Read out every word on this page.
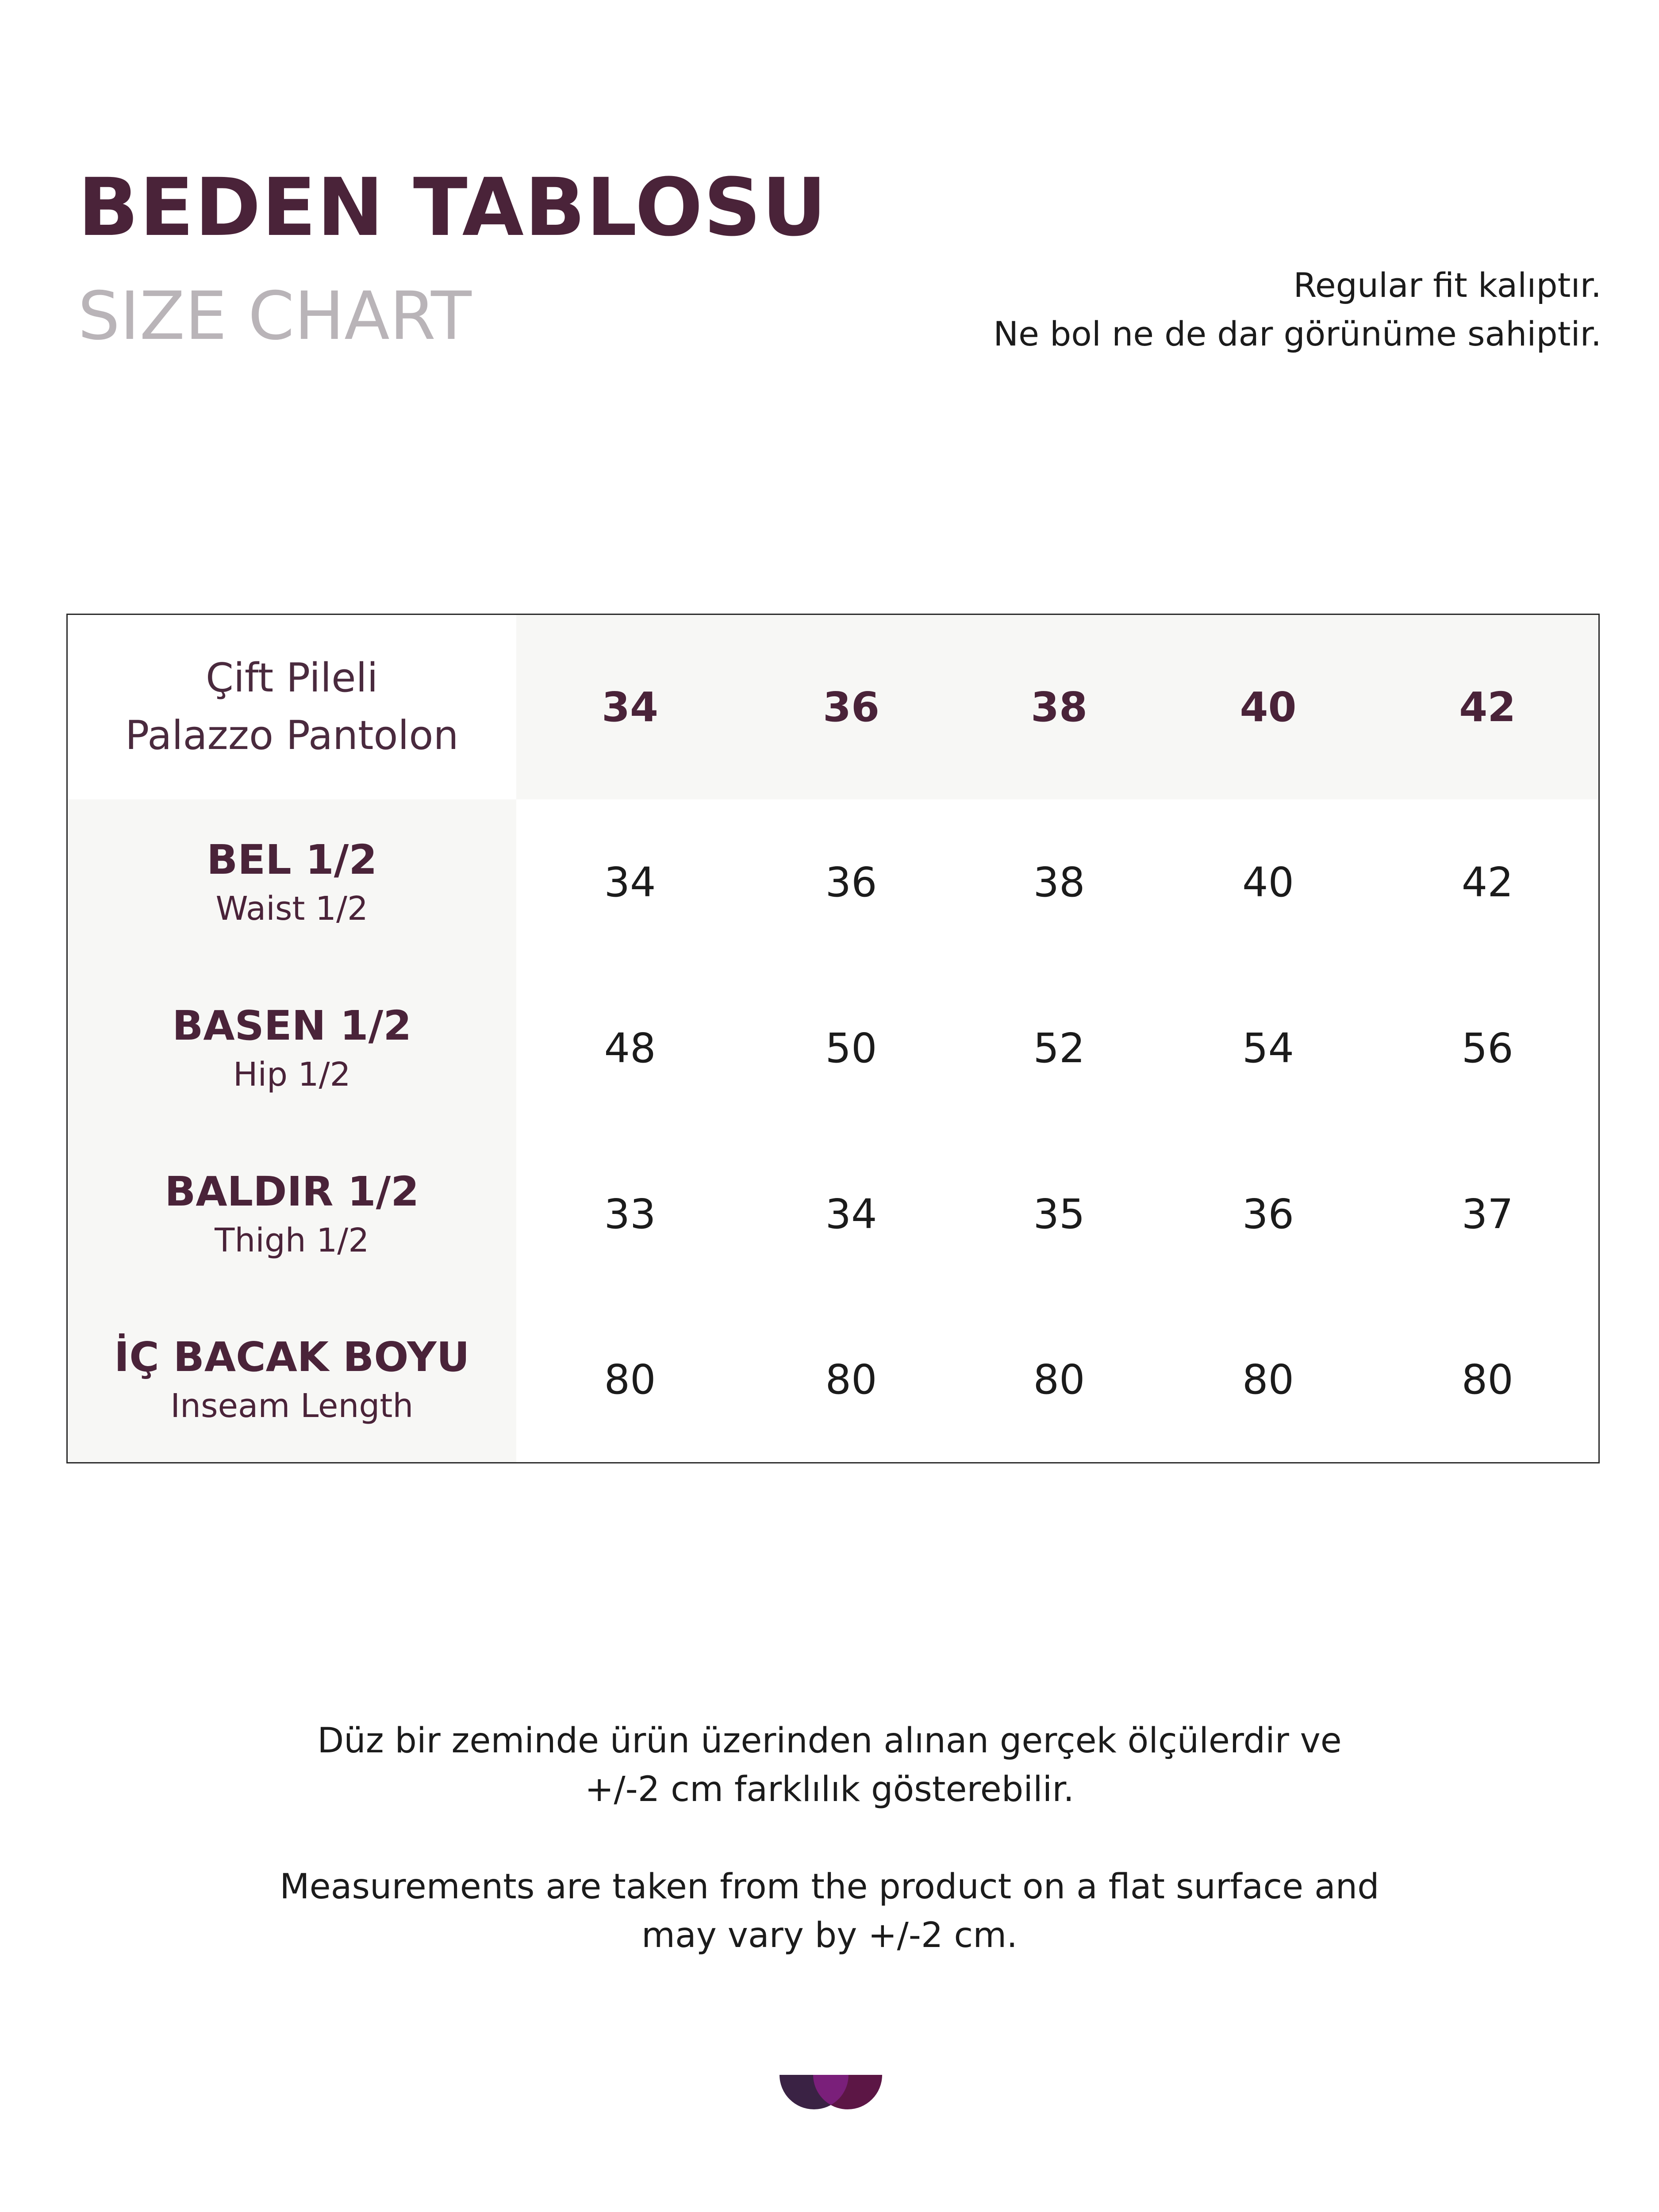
BEDEN TABLOSU
SIZE CHART	Regular fit kalıptır.
Ne bol ne de dar görünüme sahiptir.
Çift Pileli
Palazzo Pantolon	34	36	38	40	42

BEL 1/2
Waist 1/2	34	36	38	40	42

BASEN 1/2
Hip 1/2	48	50	52	54	56

BALDIR 1/2
Thigh 1/2	33	34	35	36	37

İÇ BACAK BOYU
Inseam Length	80	80	80	80	80
Düz bir zeminde ürün üzerinden alınan gerçek ölçülerdir ve
+/-2 cm farklılık gösterebilir.
Measurements are taken from the product on a flat surface and
may vary by +/-2 cm.
